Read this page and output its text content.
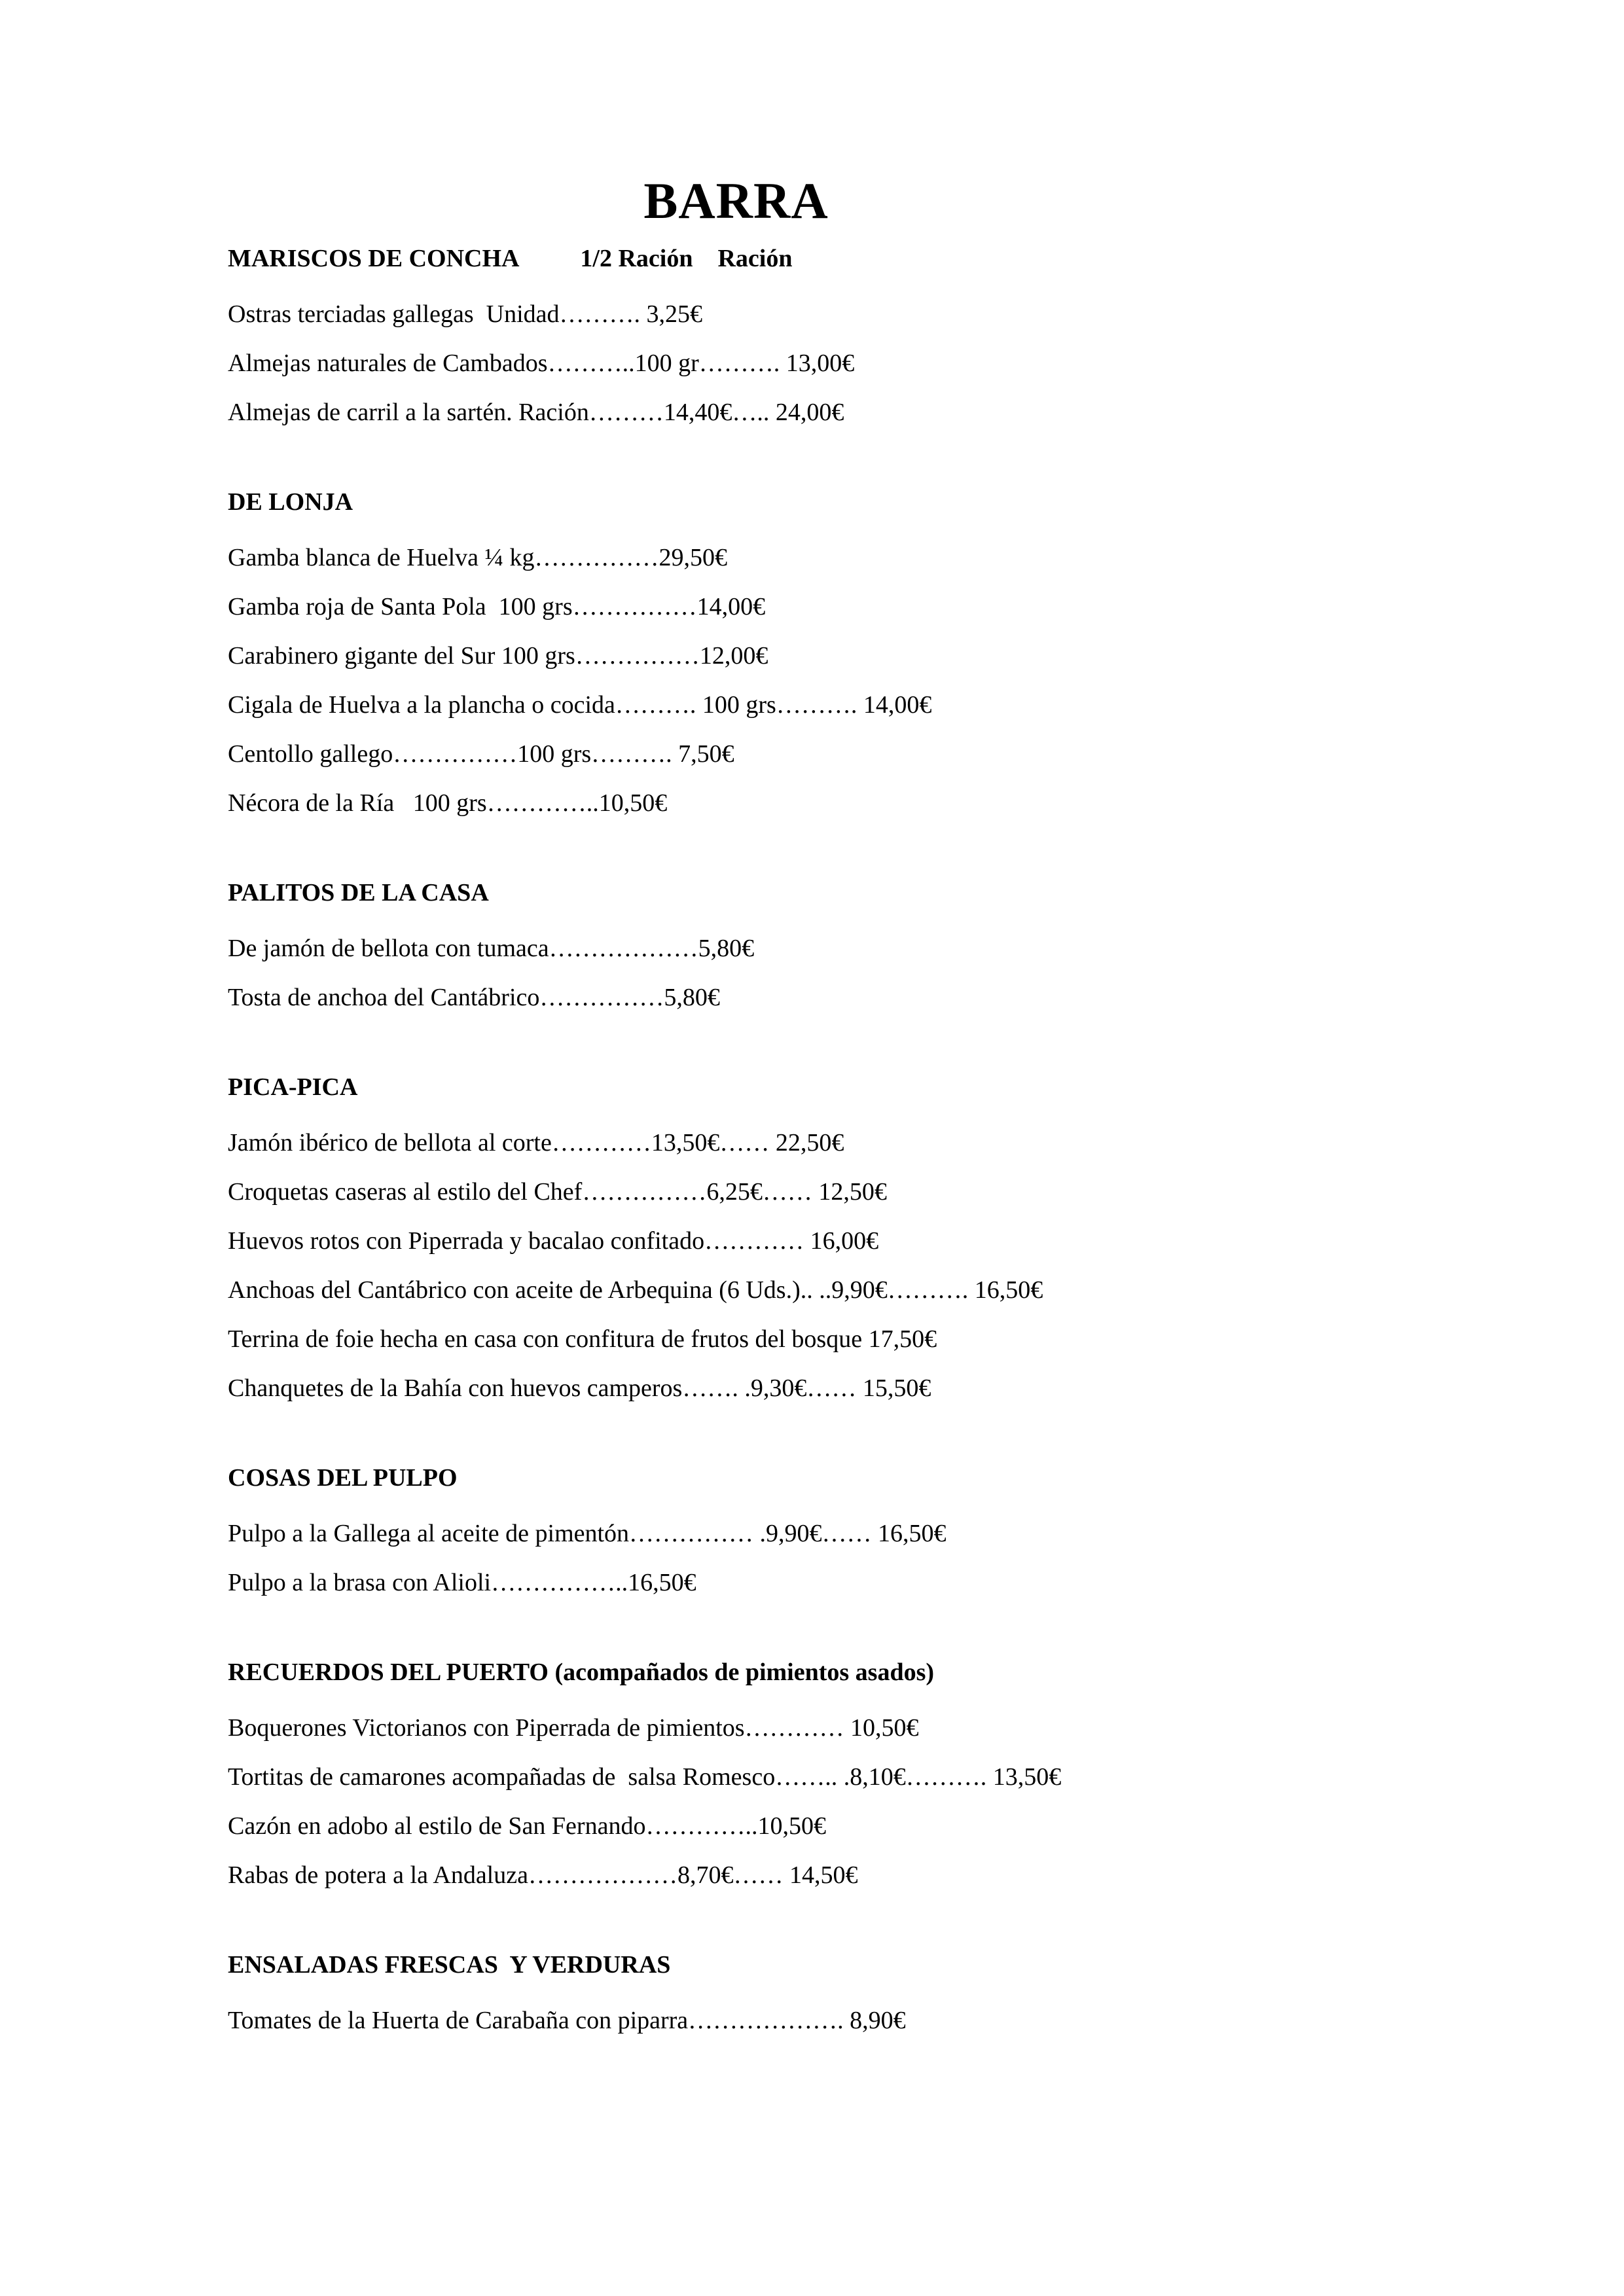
BARRA
MARISCOS DE CONCHA          1/2 Ración    Ración
Ostras terciadas gallegas  Unidad………. 3,25€
Almejas naturales de Cambados………..100 gr………. 13,00€
Almejas de carril a la sartén. Ración………14,40€….. 24,00€
DE LONJA
Gamba blanca de Huelva ¼ kg……………29,50€
Gamba roja de Santa Pola  100 grs……………14,00€
Carabinero gigante del Sur 100 grs……………12,00€
Cigala de Huelva a la plancha o cocida………. 100 grs………. 14,00€
Centollo gallego……………100 grs………. 7,50€
Nécora de la Ría   100 grs…………..10,50€
PALITOS DE LA CASA
De jamón de bellota con tumaca………………5,80€
Tosta de anchoa del Cantábrico……………5,80€
PICA-PICA
Jamón ibérico de bellota al corte…………13,50€…… 22,50€
Croquetas caseras al estilo del Chef……………6,25€…… 12,50€
Huevos rotos con Piperrada y bacalao confitado………… 16,00€
Anchoas del Cantábrico con aceite de Arbequina (6 Uds.).. ..9,90€………. 16,50€
Terrina de foie hecha en casa con confitura de frutos del bosque 17,50€
Chanquetes de la Bahía con huevos camperos……. .9,30€…… 15,50€
COSAS DEL PULPO
Pulpo a la Gallega al aceite de pimentón…………… .9,90€…… 16,50€
Pulpo a la brasa con Alioli……………..16,50€
RECUERDOS DEL PUERTO (acompañados de pimientos asados)
Boquerones Victorianos con Piperrada de pimientos………… 10,50€
Tortitas de camarones acompañadas de  salsa Romesco…….. .8,10€………. 13,50€
Cazón en adobo al estilo de San Fernando…………..10,50€
Rabas de potera a la Andaluza………………8,70€…… 14,50€
ENSALADAS FRESCAS  Y VERDURAS
Tomates de la Huerta de Carabaña con piparra………………. 8,90€
